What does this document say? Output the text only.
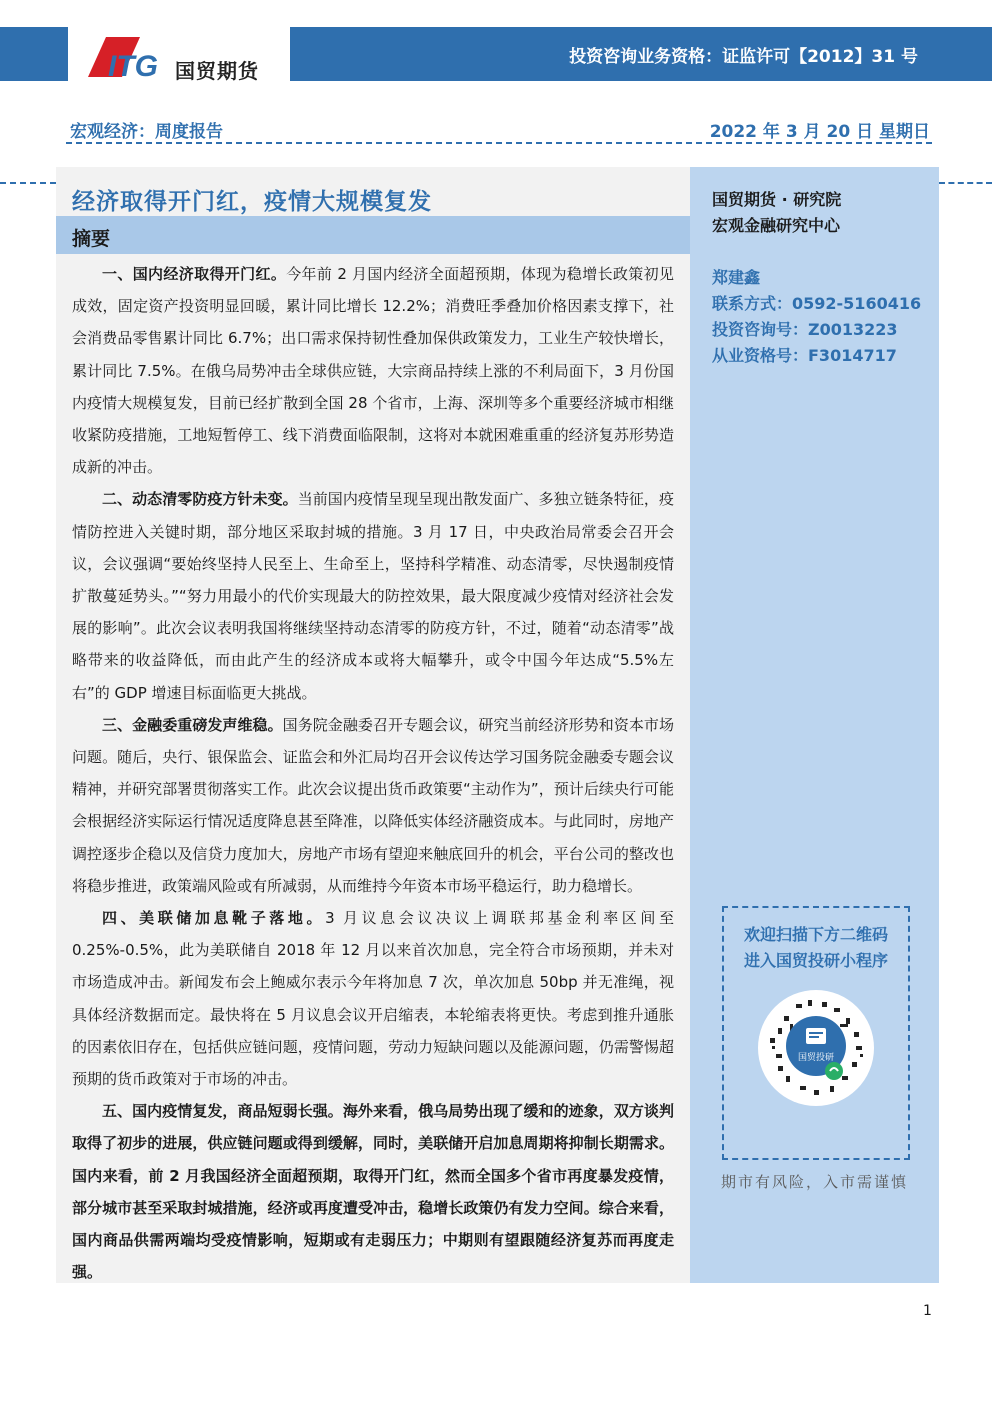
ITG 国贸期货
投资咨询业务资格：证监许可【2012】31 号
宏观经济：周度报告	2022 年 3 月 20 日 星期日
经济取得开门红，疫情大规模复发
摘要

一、国内经济取得开门红。今年前 2 月国内经济全面超预期，体现为稳增长政策初见成效，固定资产投资明显回暖，累计同比增长 12.2%；消费旺季叠加价格因素支撑下，社会消费品零售累计同比 6.7%；出口需求保持韧性叠加保供政策发力，工业生产较快增长，累计同比 7.5%。在俄乌局势冲击全球供应链，大宗商品持续上涨的不利局面下，3 月份国内疫情大规模复发，目前已经扩散到全国 28 个省市，上海、深圳等多个重要经济城市相继收紧防疫措施，工地短暂停工、线下消费面临限制，这将对本就困难重重的经济复苏形势造成新的冲击。

二、动态清零防疫方针未变。当前国内疫情呈现呈现出散发面广、多独立链条特征，疫情防控进入关键时期，部分地区采取封城的措施。3 月 17 日，中央政治局常委会召开会议，会议强调“要始终坚持人民至上、生命至上，坚持科学精准、动态清零，尽快遏制疫情扩散蔓延势头。”“努力用最小的代价实现最大的防控效果，最大限度减少疫情对经济社会发展的影响”。此次会议表明我国将继续坚持动态清零的防疫方针，不过，随着“动态清零”战略带来的收益降低，而由此产生的经济成本或将大幅攀升，或令中国今年达成“5.5%左右”的 GDP 增速目标面临更大挑战。

三、金融委重磅发声维稳。国务院金融委召开专题会议，研究当前经济形势和资本市场问题。随后，央行、银保监会、证监会和外汇局均召开会议传达学习国务院金融委专题会议精神，并研究部署贯彻落实工作。此次会议提出货币政策要“主动作为”，预计后续央行可能会根据经济实际运行情况适度降息甚至降准，以降低实体经济融资成本。与此同时，房地产调控逐步企稳以及信贷力度加大，房地产市场有望迎来触底回升的机会，平台公司的整改也将稳步推进，政策端风险或有所减弱，从而维持今年资本市场平稳运行，助力稳增长。

四、美联储加息靴子落地。3 月议息会议决议上调联邦基金利率区间至 0.25%-0.5%，此为美联储自 2018 年 12 月以来首次加息，完全符合市场预期，并未对市场造成冲击。新闻发布会上鲍威尔表示今年将加息 7 次，单次加息 50bp 并无准绳，视具体经济数据而定。最快将在 5 月议息会议开启缩表，本轮缩表将更快。考虑到推升通胀的因素依旧存在，包括供应链问题，疫情问题，劳动力短缺问题以及能源问题，仍需警惕超预期的货币政策对于市场的冲击。

五、国内疫情复发，商品短弱长强。海外来看，俄乌局势出现了缓和的迹象，双方谈判取得了初步的进展，供应链问题或得到缓解，同时，美联储开启加息周期将抑制长期需求。国内来看，前 2 月我国经济全面超预期，取得开门红，然而全国多个省市再度暴发疫情，部分城市甚至采取封城措施，经济或再度遭受冲击，稳增长政策仍有发力空间。综合来看，国内商品供需两端均受疫情影响，短期或有走弱压力；中期则有望跟随经济复苏而再度走强。

国贸期货 · 研究院
宏观金融研究中心
郑建鑫
联系方式：0592-5160416
投资咨询号：Z0013223
从业资格号：F3014717
欢迎扫描下方二维码
进入国贸投研小程序
国贸投研
期市有风险，入市需谨慎
1
